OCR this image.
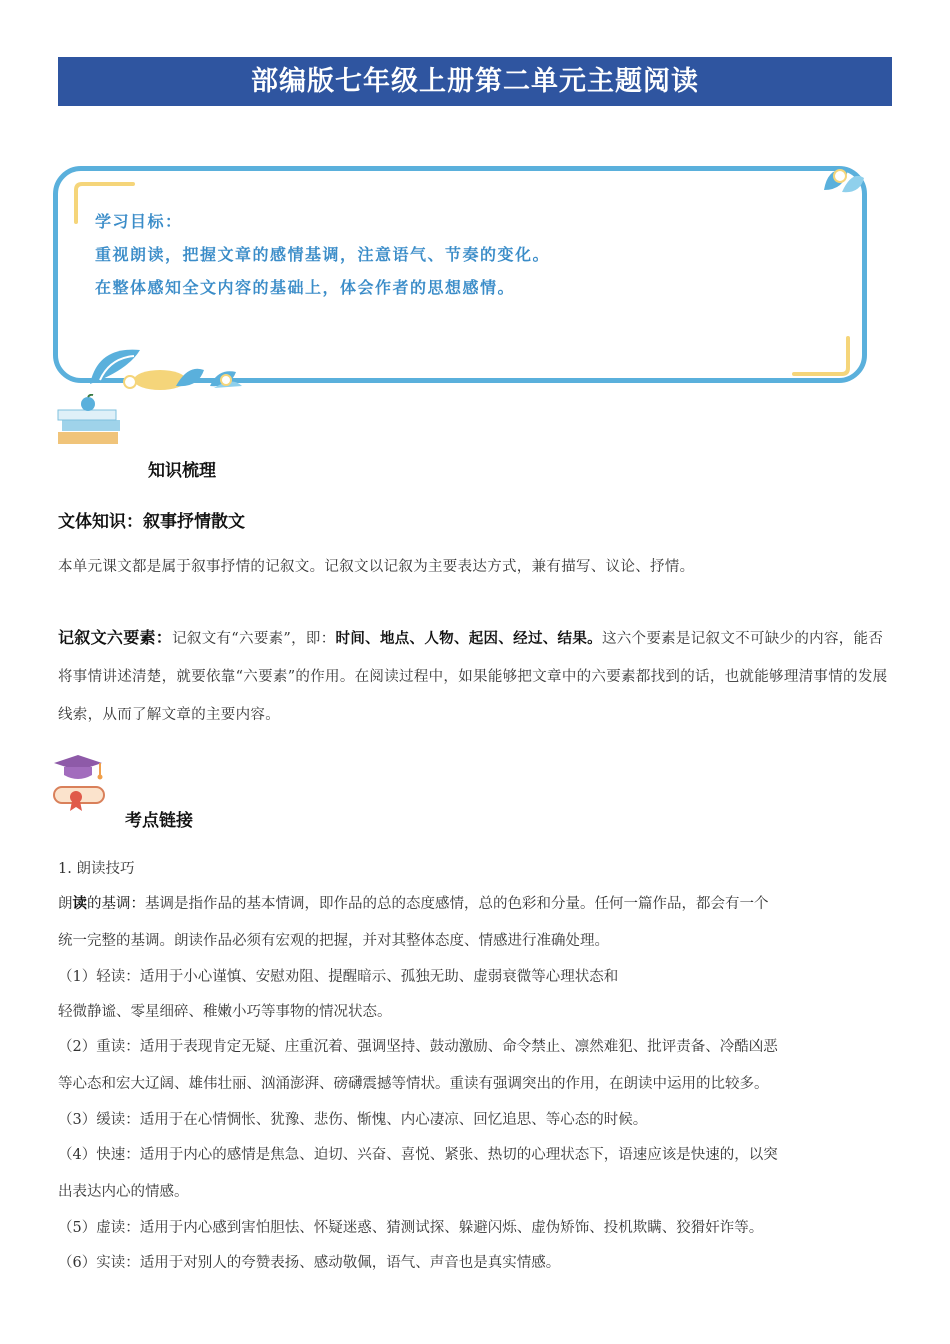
部编版七年级上册第二单元主题阅读
学习目标：
重视朗读，把握文章的感情基调，注意语气、节奏的变化。
在整体感知全文内容的基础上，体会作者的思想感情。
知识梳理
文体知识：叙事抒情散文
本单元课文都是属于叙事抒情的记叙文。记叙文以记叙为主要表达方式，兼有描写、议论、抒情。
记叙文六要素：记叙文有“六要素”，即：时间、地点、人物、起因、经过、结果。这六个要素是记叙文不可缺少的内容，能否将事情讲述清楚，就要依靠“六要素”的作用。在阅读过程中，如果能够把文章中的六要素都找到的话，也就能够理清事情的发展线索，从而了解文章的主要内容。
考点链接
1. 朗读技巧
朗读的基调：基调是指作品的基本情调，即作品的总的态度感情，总的色彩和分量。任何一篇作品，都会有一个
统一完整的基调。朗读作品必须有宏观的把握，并对其整体态度、情感进行准确处理。
（1）轻读：适用于小心谨慎、安慰劝阻、提醒暗示、孤独无助、虚弱衰微等心理状态和
轻微静谧、零星细碎、稚嫩小巧等事物的情况状态。
（2）重读：适用于表现肯定无疑、庄重沉着、强调坚持、鼓动激励、命令禁止、凛然难犯、批评责备、冷酷凶恶
等心态和宏大辽阔、雄伟壮丽、汹涌澎湃、磅礴震撼等情状。重读有强调突出的作用，在朗读中运用的比较多。
（3）缓读：适用于在心情惆怅、犹豫、悲伤、惭愧、内心凄凉、回忆追思、等心态的时候。
（4）快速：适用于内心的感情是焦急、迫切、兴奋、喜悦、紧张、热切的心理状态下，语速应该是快速的，以突
出表达内心的情感。
（5）虚读：适用于内心感到害怕胆怯、怀疑迷惑、猜测试探、躲避闪烁、虚伪矫饰、投机欺瞒、狡猾奸诈等。
（6）实读：适用于对别人的夸赞表扬、感动敬佩，语气、声音也是真实情感。
